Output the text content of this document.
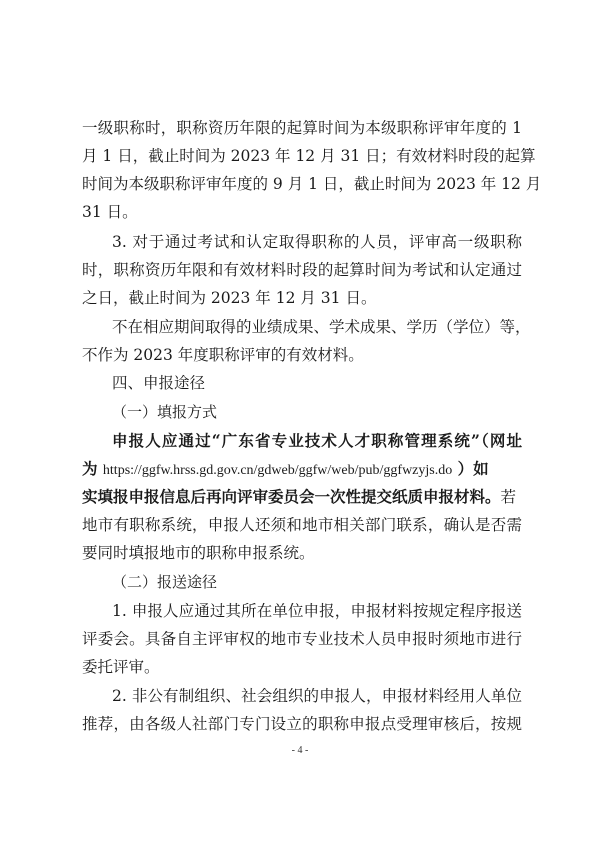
一级职称时，职称资历年限的起算时间为本级职称评审年度的 1
月 1 日，截止时间为 2023 年 12 月 31 日；有效材料时段的起算
时间为本级职称评审年度的 9 月 1 日，截止时间为 2023 年 12 月
31 日。
3. 对于通过考试和认定取得职称的人员，评审高一级职称
时，职称资历年限和有效材料时段的起算时间为考试和认定通过
之日，截止时间为 2023 年 12 月 31 日。
不在相应期间取得的业绩成果、学术成果、学历（学位）等，
不作为 2023 年度职称评审的有效材料。
四、申报途径
（一）填报方式
申报人应通过“广东省专业技术人才职称管理系统”（网址
为 https://ggfw.hrss.gd.gov.cn/gdweb/ggfw/web/pub/ggfwzyjs.do ）如
实填报申报信息后再向评审委员会一次性提交纸质申报材料。若
地市有职称系统，申报人还须和地市相关部门联系，确认是否需
要同时填报地市的职称申报系统。
（二）报送途径
1. 申报人应通过其所在单位申报，申报材料按规定程序报送
评委会。具备自主评审权的地市专业技术人员申报时须地市进行
委托评审。
2. 非公有制组织、社会组织的申报人，申报材料经用人单位
推荐，由各级人社部门专门设立的职称申报点受理审核后，按规
- 4 -
